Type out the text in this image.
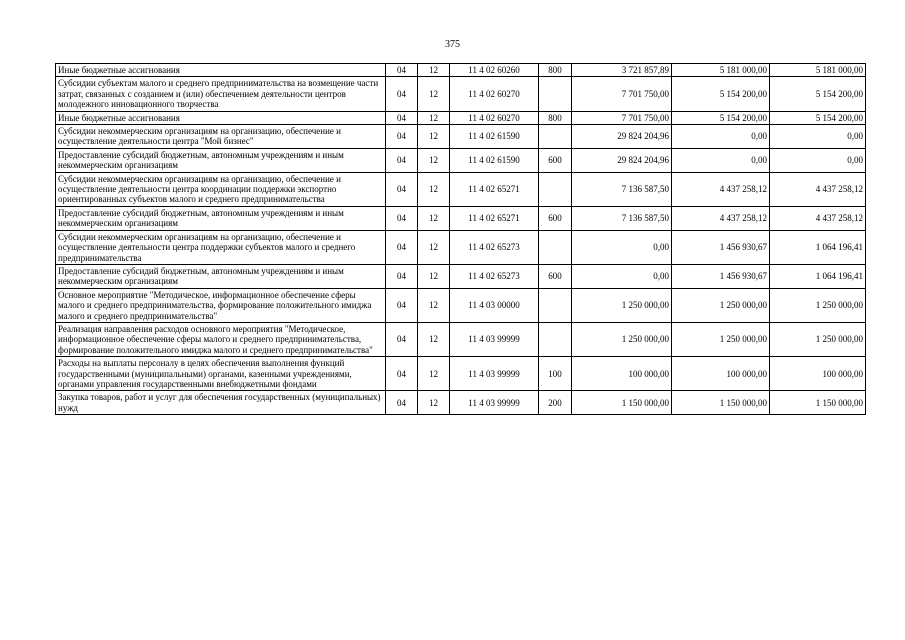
375
Иные бюджетные ассигнования	04	12	11 4 02 60260	800	3 721 857,89	5 181 000,00	5 181 000,00
Субсидии субъектам малого и среднего предпринимательства на возмещение части затрат, связанных с созданием и (или) обеспечением деятельности центров молодежного инновационного творчества	04	12	11 4 02 60270		7 701 750,00	5 154 200,00	5 154 200,00
Иные бюджетные ассигнования	04	12	11 4 02 60270	800	7 701 750,00	5 154 200,00	5 154 200,00
Субсидии некоммерческим организациям на организацию, обеспечение и осуществление деятельности центра "Мой бизнес"	04	12	11 4 02 61590		29 824 204,96	0,00	0,00
Предоставление субсидий бюджетным, автономным учреждениям и иным некоммерческим организациям	04	12	11 4 02 61590	600	29 824 204,96	0,00	0,00
Субсидии некоммерческим организациям на организацию, обеспечение и осуществление деятельности центра координации поддержки экспортно ориентированных субъектов малого и среднего предпринимательства	04	12	11 4 02 65271		7 136 587,50	4 437 258,12	4 437 258,12
Предоставление субсидий бюджетным, автономным учреждениям и иным некоммерческим организациям	04	12	11 4 02 65271	600	7 136 587,50	4 437 258,12	4 437 258,12
Субсидии некоммерческим организациям на организацию, обеспечение и осуществление деятельности центра поддержки субъектов малого и среднего предпринимательства	04	12	11 4 02 65273		0,00	1 456 930,67	1 064 196,41
Предоставление субсидий бюджетным, автономным учреждениям и иным некоммерческим организациям	04	12	11 4 02 65273	600	0,00	1 456 930,67	1 064 196,41
Основное мероприятие "Методическое, информационное обеспечение сферы малого и среднего предпринимательства, формирование положительного имиджа малого и среднего предпринимательства"	04	12	11 4 03 00000		1 250 000,00	1 250 000,00	1 250 000,00
Реализация направления расходов основного мероприятия "Методическое, информационное обеспечение сферы малого и среднего предпринимательства, формирование положительного имиджа малого и среднего предпринимательства"	04	12	11 4 03 99999		1 250 000,00	1 250 000,00	1 250 000,00
Расходы на выплаты персоналу в целях обеспечения выполнения функций государственными (муниципальными) органами, казенными учреждениями, органами управления государственными внебюджетными фондами	04	12	11 4 03 99999	100	100 000,00	100 000,00	100 000,00
Закупка товаров, работ и услуг для обеспечения государственных (муниципальных) нужд	04	12	11 4 03 99999	200	1 150 000,00	1 150 000,00	1 150 000,00
